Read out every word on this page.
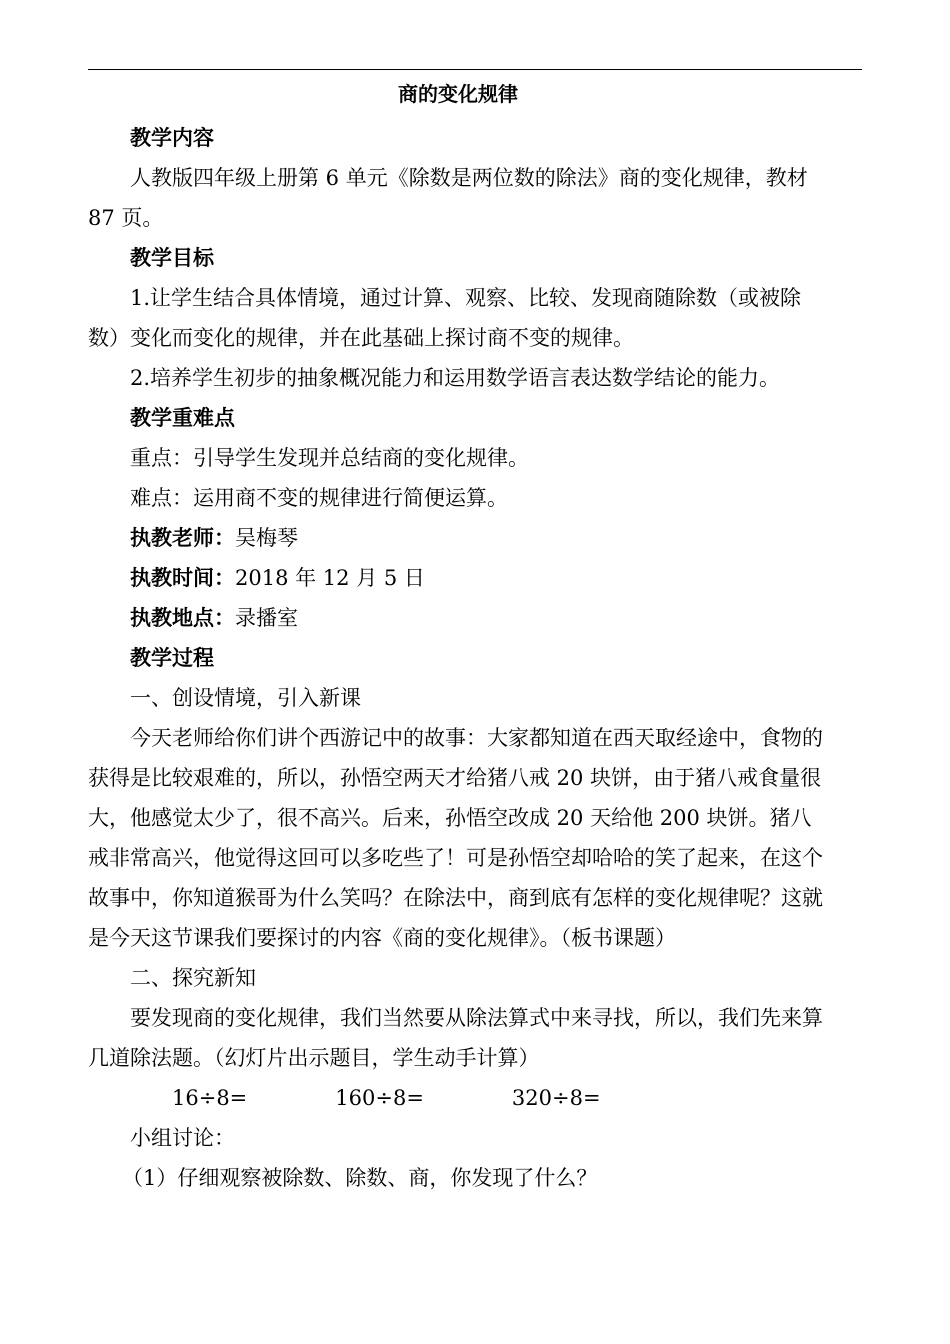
商的变化规律

教学内容

人教版四年级上册第 6 单元《除数是两位数的除法》商的变化规律，教材 87 页。

教学目标

1.让学生结合具体情境，通过计算、观察、比较、发现商随除数（或被除数）变化而变化的规律，并在此基础上探讨商不变的规律。

2.培养学生初步的抽象概况能力和运用数学语言表达数学结论的能力。

教学重难点

重点：引导学生发现并总结商的变化规律。

难点：运用商不变的规律进行简便运算。

执教老师：吴梅琴

执教时间：2018 年 12 月 5 日

执教地点：录播室

教学过程

一、创设情境，引入新课

今天老师给你们讲个西游记中的故事：大家都知道在西天取经途中，食物的获得是比较艰难的，所以，孙悟空两天才给猪八戒 20 块饼，由于猪八戒食量很大，他感觉太少了，很不高兴。后来，孙悟空改成 20 天给他 200 块饼。猪八戒非常高兴，他觉得这回可以多吃些了！可是孙悟空却哈哈的笑了起来，在这个故事中，你知道猴哥为什么笑吗？在除法中，商到底有怎样的变化规律呢？这就是今天这节课我们要探讨的内容《商的变化规律》。（板书课题）

二、探究新知

要发现商的变化规律，我们当然要从除法算式中来寻找，所以，我们先来算几道除法题。（幻灯片出示题目，学生动手计算）

16÷8=	160÷8=	320÷8=

小组讨论：

（1）仔细观察被除数、除数、商，你发现了什么？
